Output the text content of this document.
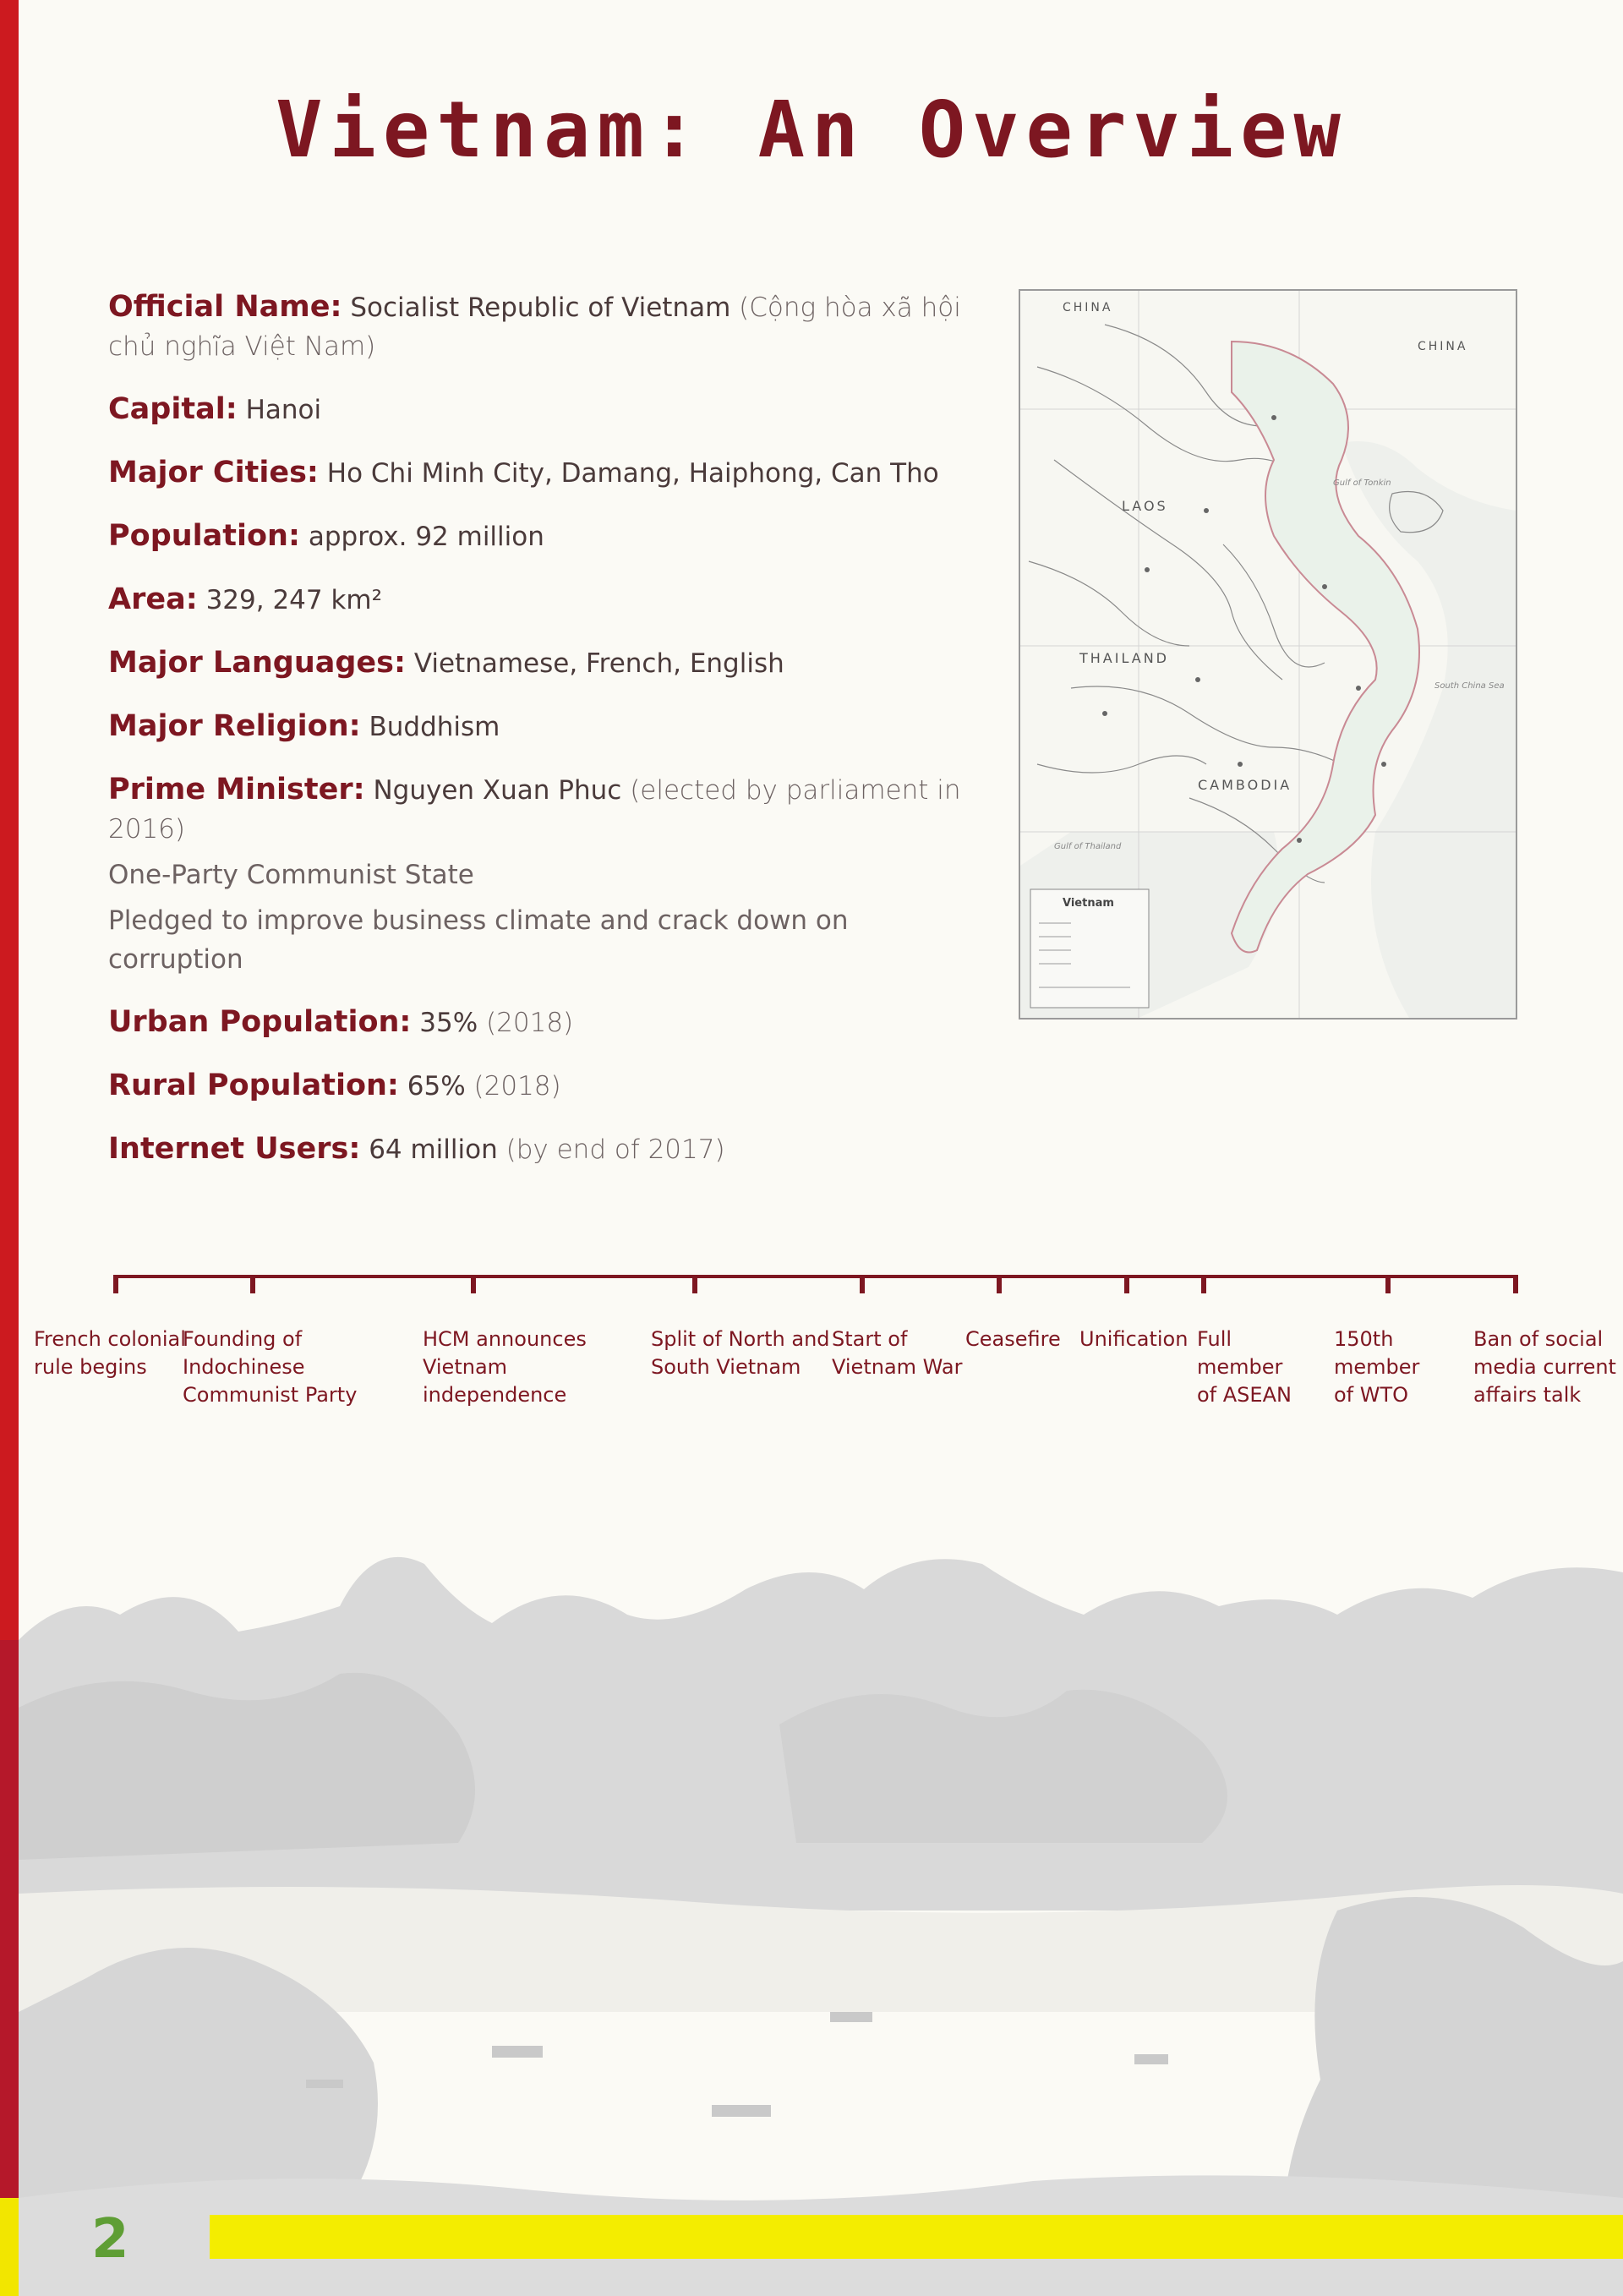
Vietnam: An Overview
Official Name: Socialist Republic of Vietnam (Cộng hòa xã hội chủ nghĩa Việt Nam)
Capital: Hanoi
Major Cities: Ho Chi Minh City, Damang, Haiphong, Can Tho
Population: approx. 92 million
Area: 329, 247 km²
Major Languages: Vietnamese, French, English
Major Religion: Buddhism
Prime Minister: Nguyen Xuan Phuc (elected by parliament in 2016)
One-Party Communist State
Pledged to improve business climate and crack down on corruption
Urban Population: 35% (2018)
Rural Population: 65% (2018)
Internet Users: 64 million (by end of 2017)
CHINA
CHINA
LAOS
THAILAND
CAMBODIA
Gulf of Tonkin
South China Sea
Gulf of Thailand
Vietnam
French colonial
rule begins
Founding of Indochinese
Communist Party
HCM announces
Vietnam independence
Split of North and
South Vietnam
Start of
Vietnam War
Ceasefire Unification Full member
of ASEAN
150th member
of WTO
Ban of social
media current
affairs talk
2
